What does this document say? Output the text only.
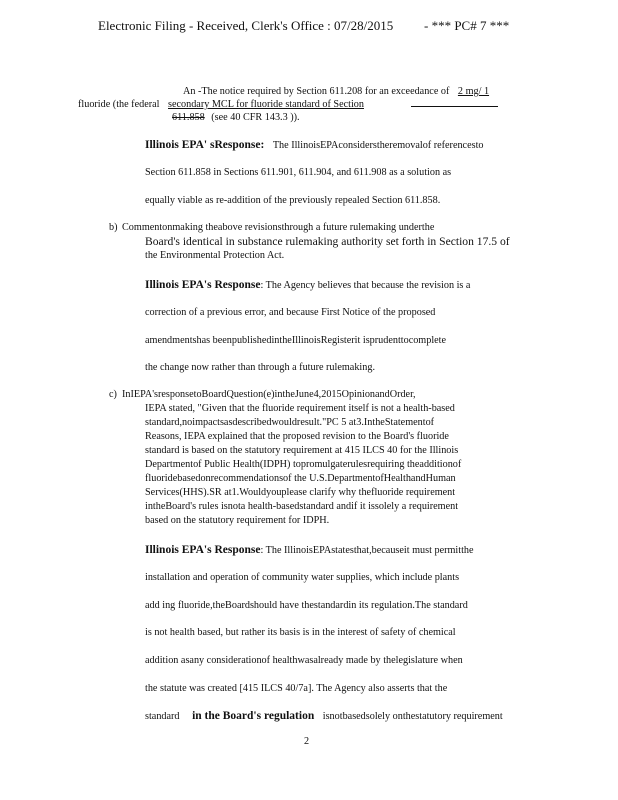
Electronic Filing - Received, Clerk's Office : 07/28/2015 - *** PC# 7 ***
An -The notice required by Section 611.208 for an exceedance of 2 mg/ 1
fluoride (the federal secondary MCL for fluoride standard of Section
611.858 (see 40 CFR 143.3 )).
Illinois EPA' sResponse: The IllinoisEPAconsiderstheremovalof referencesto
Section 611.858 in Sections 611.901, 611.904, and 611.908 as a solution as
equally viable as re-addition of the previously repealed Section 611.858.
b) Commentonmaking theabove revisionsthrough a future rulemaking underthe
Board's identical in substance rulemaking authority set forth in Section 17.5 of
the Environmental Protection Act.
Illinois EPA's Response: The Agency believes that because the revision is a
correction of a previous error, and because First Notice of the proposed
amendmentshas beenpublishedintheIllinoisRegisterit isprudenttocomplete
the change now rather than through a future rulemaking.
c) InIEPA'sresponsetoBoardQuestion(e)intheJune4,2015OpinionandOrder,
IEPA stated, "Given that the fluoride requirement itself is not a health-based
standard,noimpactsasdescribedwouldresult."PC 5 at3.IntheStatementof
Reasons, IEPA explained that the proposed revision to the Board's fluoride
standard is based on the statutory requirement at 415 ILCS 40 for the Illinois
Departmentof Public Health(IDPH) topromulgaterulesrequiring theadditionof
fluoridebasedonrecommendationsof the U.S.DepartmentofHealthandHuman
Services(HHS).SR at1.Wouldyouplease clarify why thefluoride requirement
intheBoard's rules isnota health-basedstandard andif it issolely a requirement
based on the statutory requirement for IDPH.
Illinois EPA's Response: The IllinoisEPAstatesthat,becauseit must permitthe
installation and operation of community water supplies, which include plants
add ing fluoride,theBoardshould have thestandardin its regulation.The standard
is not health based, but rather its basis is in the interest of safety of chemical
addition asany considerationof healthwasalready made by thelegislature when
the statute was created [415 ILCS 40/7a]. The Agency also asserts that the
standard in the Board's regulation isnotbasedsolely onthestatutory requirement
2
